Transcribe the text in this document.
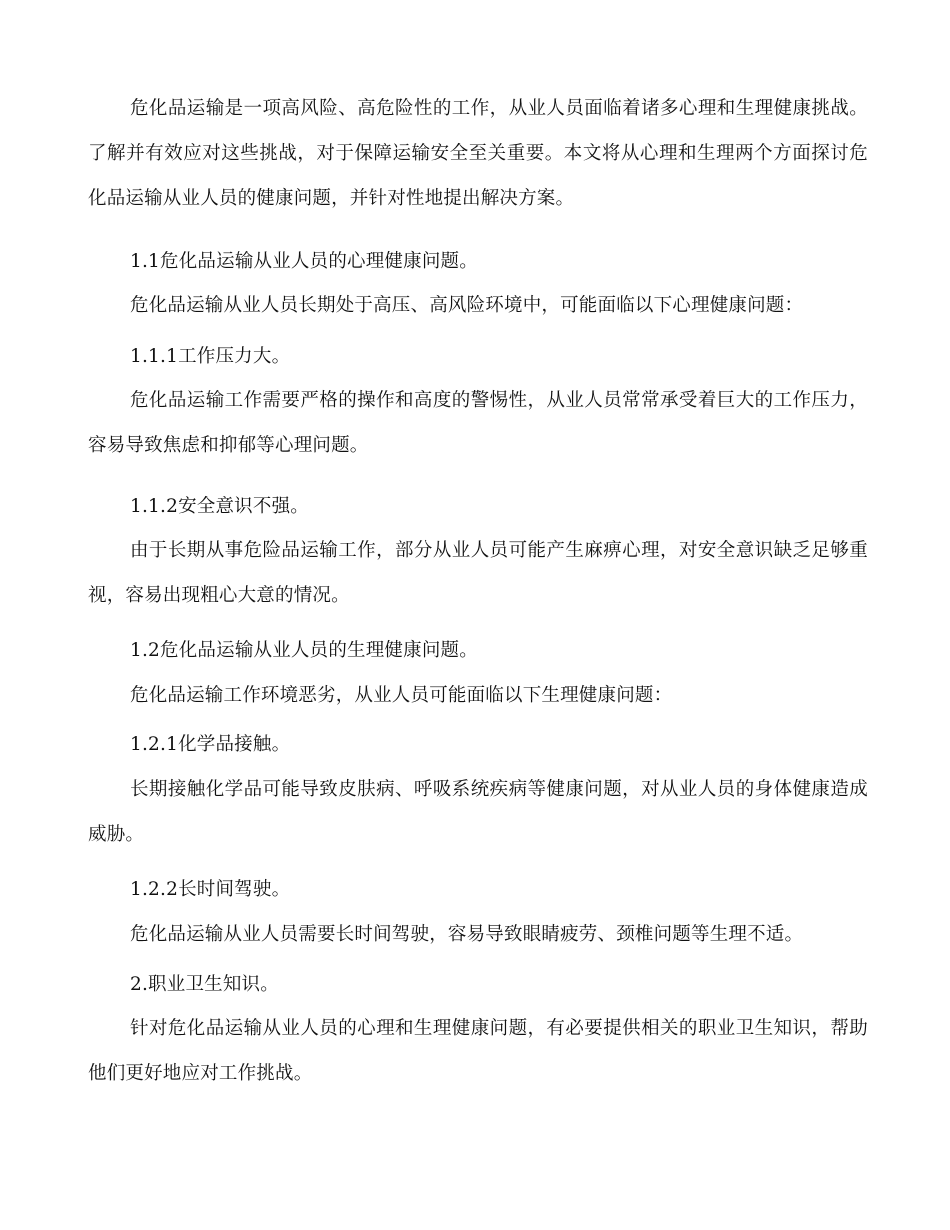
危化品运输是一项高风险、高危险性的工作，从业人员面临着诸多心理和生理健康挑战。了解并有效应对这些挑战，对于保障运输安全至关重要。本文将从心理和生理两个方面探讨危化品运输从业人员的健康问题，并针对性地提出解决方案。

1.1危化品运输从业人员的心理健康问题。

危化品运输从业人员长期处于高压、高风险环境中，可能面临以下心理健康问题：

1.1.1工作压力大。

危化品运输工作需要严格的操作和高度的警惕性，从业人员常常承受着巨大的工作压力，容易导致焦虑和抑郁等心理问题。

1.1.2安全意识不强。

由于长期从事危险品运输工作，部分从业人员可能产生麻痹心理，对安全意识缺乏足够重视，容易出现粗心大意的情况。

1.2危化品运输从业人员的生理健康问题。

危化品运输工作环境恶劣，从业人员可能面临以下生理健康问题：

1.2.1化学品接触。

长期接触化学品可能导致皮肤病、呼吸系统疾病等健康问题，对从业人员的身体健康造成威胁。

1.2.2长时间驾驶。

危化品运输从业人员需要长时间驾驶，容易导致眼睛疲劳、颈椎问题等生理不适。

2.职业卫生知识。

针对危化品运输从业人员的心理和生理健康问题，有必要提供相关的职业卫生知识，帮助他们更好地应对工作挑战。
